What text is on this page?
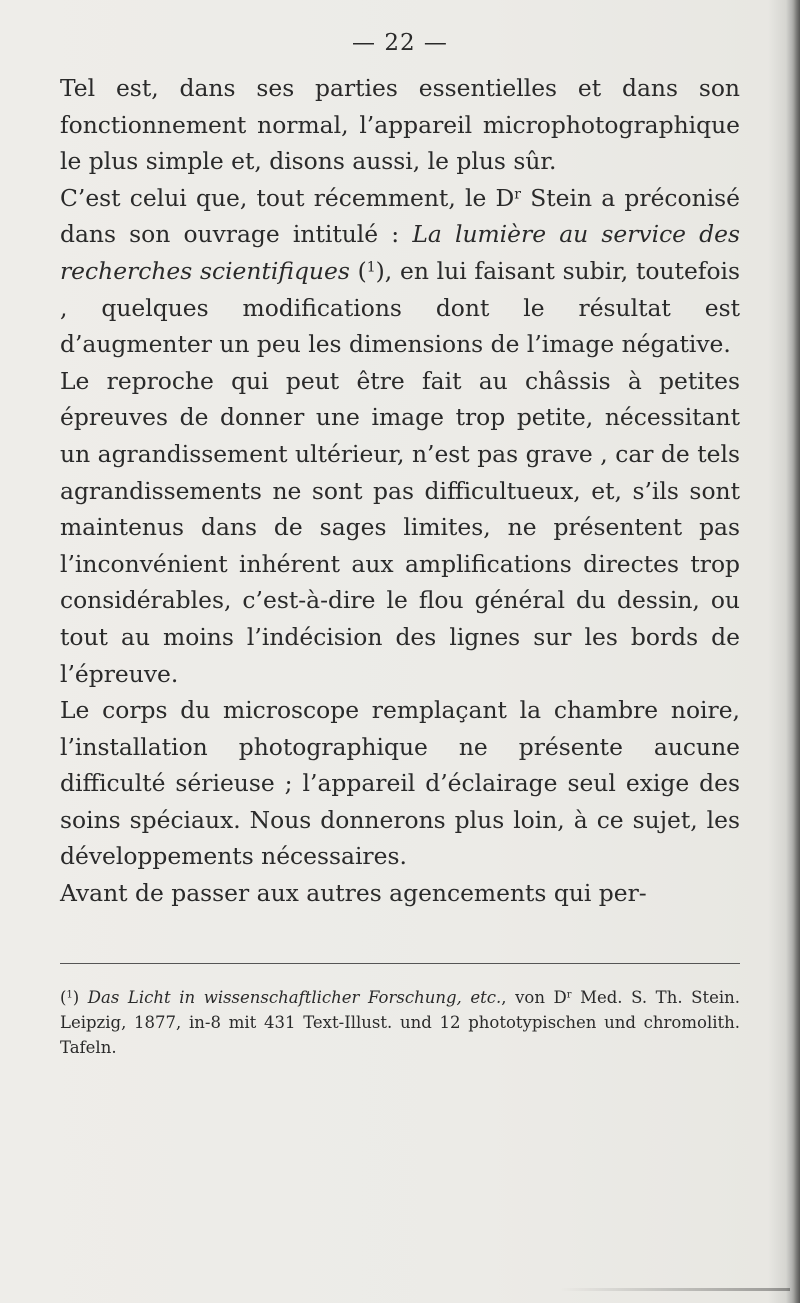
— 22 —

Tel est, dans ses parties essentielles et dans son fonctionnement normal, l’appareil microphotographique le plus simple et, disons aussi, le plus sûr.

C’est celui que, tout récemment, le $D^r$ Stein a préconisé dans son ouvrage intitulé : La lumière au service des recherches scientifiques ($^1$), en lui faisant subir, toutefois , quelques modifications dont le résultat est d’augmenter un peu les dimensions de l’image négative.

Le reproche qui peut être fait au châssis à petites épreuves de donner une image trop petite, nécessitant un agrandissement ultérieur, n’est pas grave , car de tels agrandissements ne sont pas difficultueux, et, s’ils sont maintenus dans de sages limites, ne présentent pas l’inconvénient inhérent aux amplifications directes trop considérables, c’est-à-dire le flou général du dessin, ou tout au moins l’indécision des lignes sur les bords de l’épreuve.

Le corps du microscope remplaçant la chambre noire, l’installation photographique ne présente aucune difficulté sérieuse ; l’appareil d’éclairage seul exige des soins spéciaux. Nous donnerons plus loin, à ce sujet, les développements nécessaires.

Avant de passer aux autres agencements qui per-

($^1$) Das Licht in wissenschaftlicher Forschung, etc., von $D^r$ Med. S. Th. Stein. Leipzig, 1877, in-8 mit 431 Text-Illust. und 12 phototypischen und chromolith. Tafeln.
